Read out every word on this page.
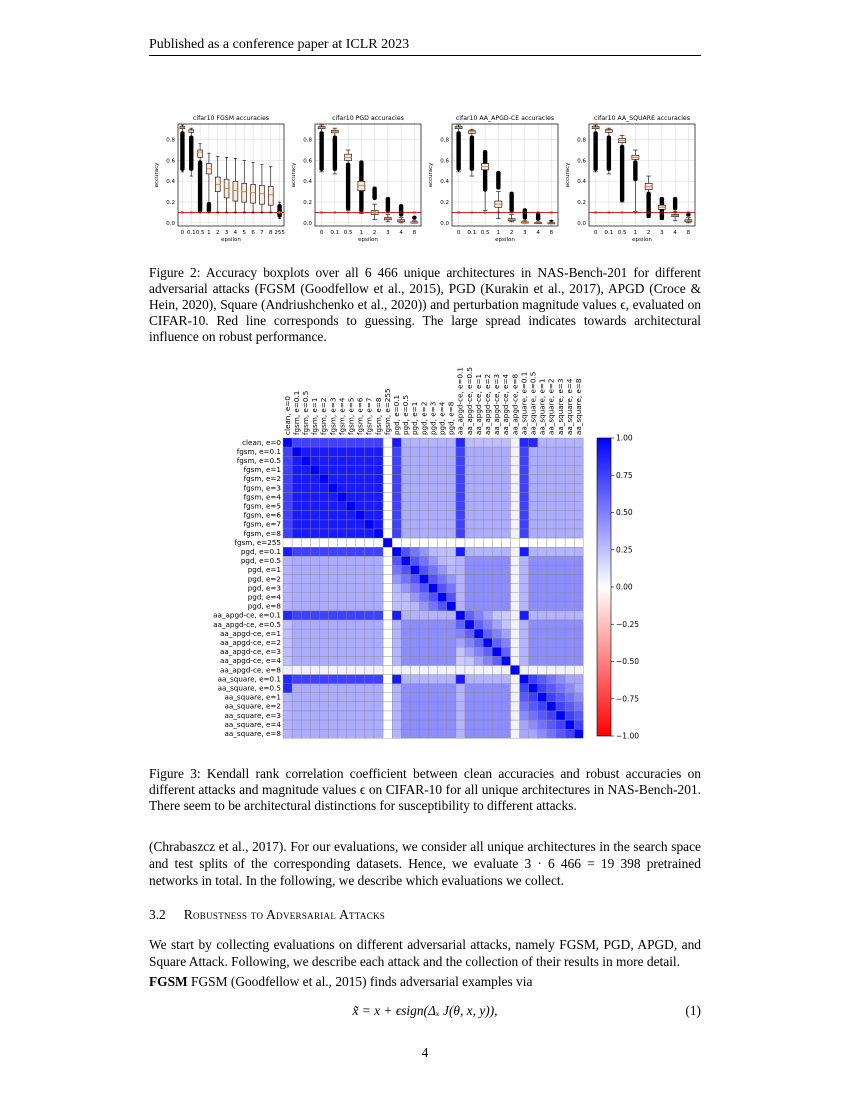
Published as a conference paper at ICLR 2023
cifar10 FGSM accuracies
0.0
0.2
0.4
0.6
0.8
0 0.1 0.5 1 2 3 4 5 6 7 8 255
epsilon
accuracy
cifar10 PGD accuracies
0.0
0.2
0.4
0.6
0.8
0 0.1 0.5 1 2 3 4 8
epsilon
accuracy
cifar10 AA_APGD-CE accuracies
0.0
0.2
0.4
0.6
0.8
0 0.1 0.5 1 2 3 4 8
epsilon
accuracy
cifar10 AA_SQUARE accuracies
0.0
0.2
0.4
0.6
0.8
0 0.1 0.5 1 2 3 4 8
epsilon
accuracy
Figure 2: Accuracy boxplots over all 6 466 unique architectures in NAS-Bench-201 for different adversarial attacks (FGSM (Goodfellow et al., 2015), PGD (Kurakin et al., 2017), APGD (Croce & Hein, 2020), Square (Andriushchenko et al., 2020)) and perturbation magnitude values ϵ, evaluated on CIFAR-10. Red line corresponds to guessing. The large spread indicates towards architectural influence on robust performance.
clean, e=0
clean, e=0
fgsm, e=0.1
fgsm, e=0.1
fgsm, e=0.5
fgsm, e=0.5
fgsm, e=1
fgsm, e=1
fgsm, e=2
fgsm, e=2
fgsm, e=3
fgsm, e=3
fgsm, e=4
fgsm, e=4
fgsm, e=5
fgsm, e=5
fgsm, e=6
fgsm, e=6
fgsm, e=7
fgsm, e=7
fgsm, e=8
fgsm, e=8
fgsm, e=255
fgsm, e=255
pgd, e=0.1
pgd, e=0.1
pgd, e=0.5
pgd, e=0.5
pgd, e=1
pgd, e=1
pgd, e=2
pgd, e=2
pgd, e=3
pgd, e=3
pgd, e=4
pgd, e=4
pgd, e=8
pgd, e=8
aa_apgd-ce, e=0.1
aa_apgd-ce, e=0.1
aa_apgd-ce, e=0.5
aa_apgd-ce, e=0.5
aa_apgd-ce, e=1
aa_apgd-ce, e=1
aa_apgd-ce, e=2
aa_apgd-ce, e=2
aa_apgd-ce, e=3
aa_apgd-ce, e=3
aa_apgd-ce, e=4
aa_apgd-ce, e=4
aa_apgd-ce, e=8
aa_apgd-ce, e=8
aa_square, e=0.1
aa_square, e=0.1
aa_square, e=0.5
aa_square, e=0.5
aa_square, e=1
aa_square, e=1
aa_square, e=2
aa_square, e=2
aa_square, e=3
aa_square, e=3
aa_square, e=4
aa_square, e=4
aa_square, e=8
aa_square, e=8
1.00
0.75
0.50
0.25
0.00
−0.25
−0.50
−0.75
−1.00
Figure 3: Kendall rank correlation coefficient between clean accuracies and robust accuracies on different attacks and magnitude values ϵ on CIFAR-10 for all unique architectures in NAS-Bench-201. There seem to be architectural distinctions for susceptibility to different attacks.
(Chrabaszcz et al., 2017). For our evaluations, we consider all unique architectures in the search space and test splits of the corresponding datasets. Hence, we evaluate 3 · 6 466 = 19 398 pretrained networks in total. In the following, we describe which evaluations we collect.
3.2 Robustness to Adversarial Attacks
We start by collecting evaluations on different adversarial attacks, namely FGSM, PGD, APGD, and Square Attack. Following, we describe each attack and the collection of their results in more detail.
FGSM FGSM (Goodfellow et al., 2015) finds adversarial examples via
x̃ = x + ϵsign(Δₓ J(θ, x, y)),	(1)
4
